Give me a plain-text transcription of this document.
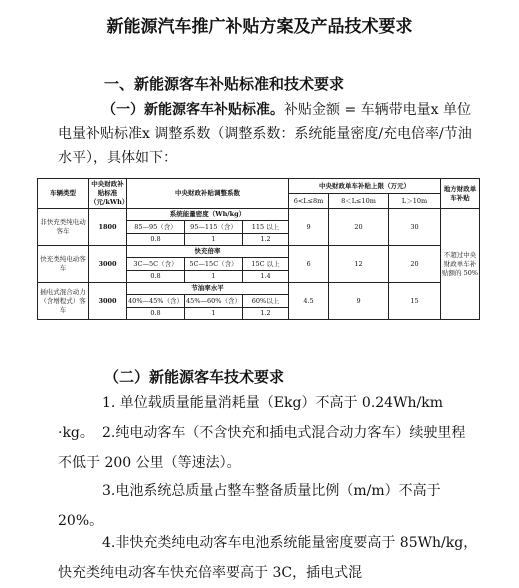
新能源汽车推广补贴方案及产品技术要求
一、新能源客车补贴标准和技术要求
（一）新能源客车补贴标准。补贴金额 = 车辆带电量x 单位电量补贴标准x 调整系数（调整系数：系统能量密度/充电倍率/节油水平），具体如下：
车辆类型	中央财政补贴标准（元/kWh）	中央财政补贴调整系数			中央财政单车补贴上限（万元）			地方财政单车补贴
					6<L≤8m	8＜L≤10m	L＞10m	
非快充类纯电动客车	1800	系统能量密度（Wh/kg）			9	20	30	不超过中央财政单车补贴额的 50%
		85—95（含）	95—115（含）	115 以上				
		0.8	1	1.2				
快充类纯电动客车	3000	快充倍率			6	12	20	
		3C—5C（含）	5C—15C（含）	15C 以上				
		0.8	1	1.4				
插电式混合动力（含增程式）客车	3000	节油率水平			4.5	9	15	
		40%—45%（含）	45%—60%（含）	60%以上				
		0.8	1	1.2				
（二）新能源客车技术要求
1. 单位载质量能量消耗量（Ekg）不高于 0.24Wh/km ·kg。 2.纯电动客车（不含快充和插电式混合动力客车）续驶里程不低于 200 公里（等速法）。
3.电池系统总质量占整车整备质量比例（m/m）不高于 20%。
4.非快充类纯电动客车电池系统能量密度要高于 85Wh/kg，快充类纯电动客车快充倍率要高于 3C，插电式混
